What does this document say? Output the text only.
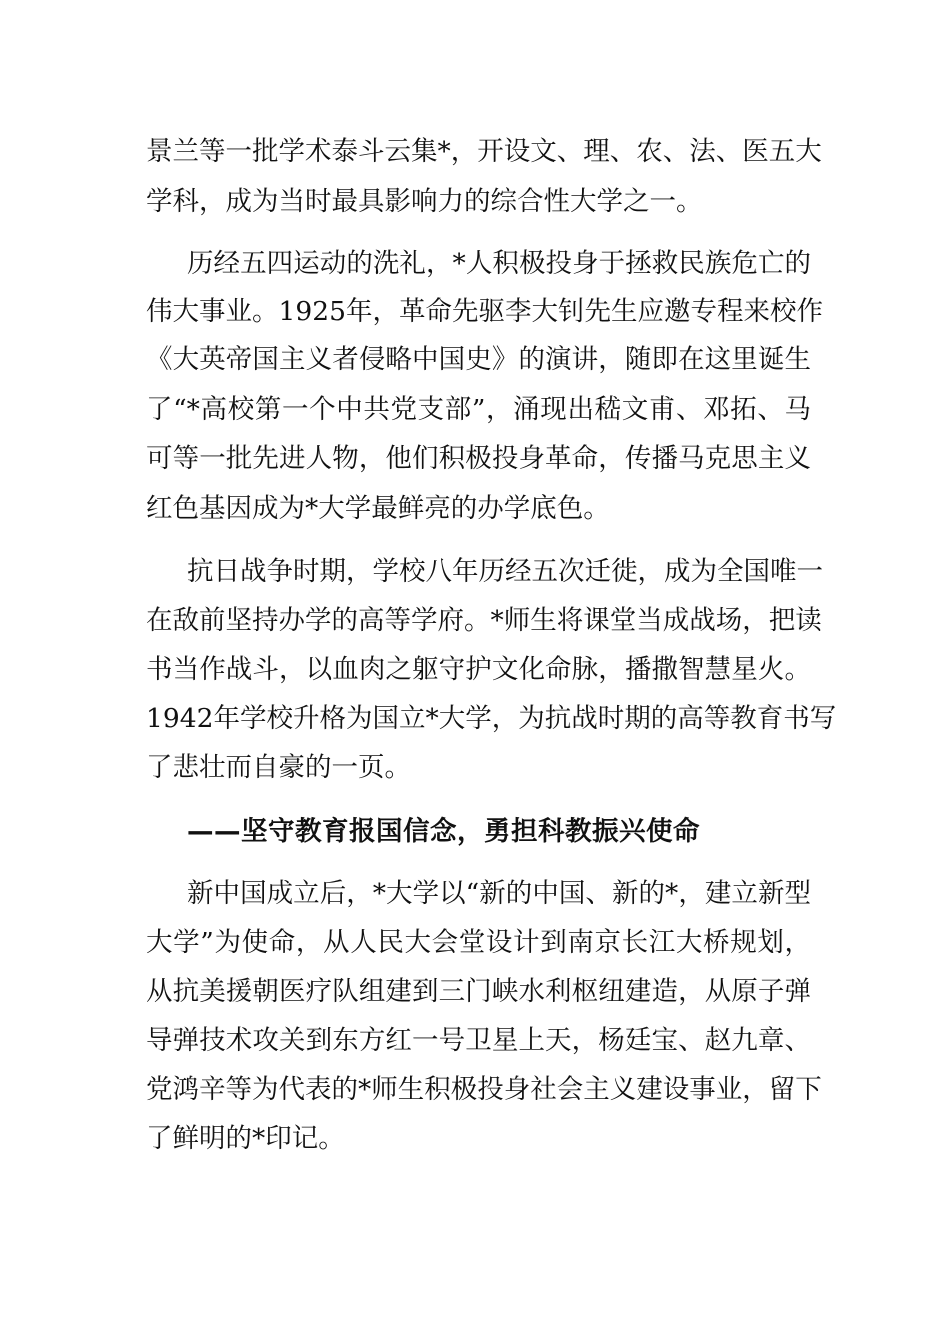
景兰等一批学术泰斗云集*，开设文、理、农、法、医五大
学科，成为当时最具影响力的综合性大学之一。
历经五四运动的洗礼，*人积极投身于拯救民族危亡的
伟大事业。1925年，革命先驱李大钊先生应邀专程来校作
《大英帝国主义者侵略中国史》的演讲，随即在这里诞生
了“*高校第一个中共党支部”，涌现出嵇文甫、邓拓、马
可等一批先进人物，他们积极投身革命，传播马克思主义
红色基因成为*大学最鲜亮的办学底色。
抗日战争时期，学校八年历经五次迁徙，成为全国唯一
在敌前坚持办学的高等学府。*师生将课堂当成战场，把读
书当作战斗，以血肉之躯守护文化命脉，播撒智慧星火。
1942年学校升格为国立*大学，为抗战时期的高等教育书写
了悲壮而自豪的一页。
——坚守教育报国信念，勇担科教振兴使命
新中国成立后，*大学以“新的中国、新的*，建立新型
大学”为使命，从人民大会堂设计到南京长江大桥规划，
从抗美援朝医疗队组建到三门峡水利枢纽建造，从原子弹
导弹技术攻关到东方红一号卫星上天，杨廷宝、赵九章、
党鸿辛等为代表的*师生积极投身社会主义建设事业，留下
了鲜明的*印记。
